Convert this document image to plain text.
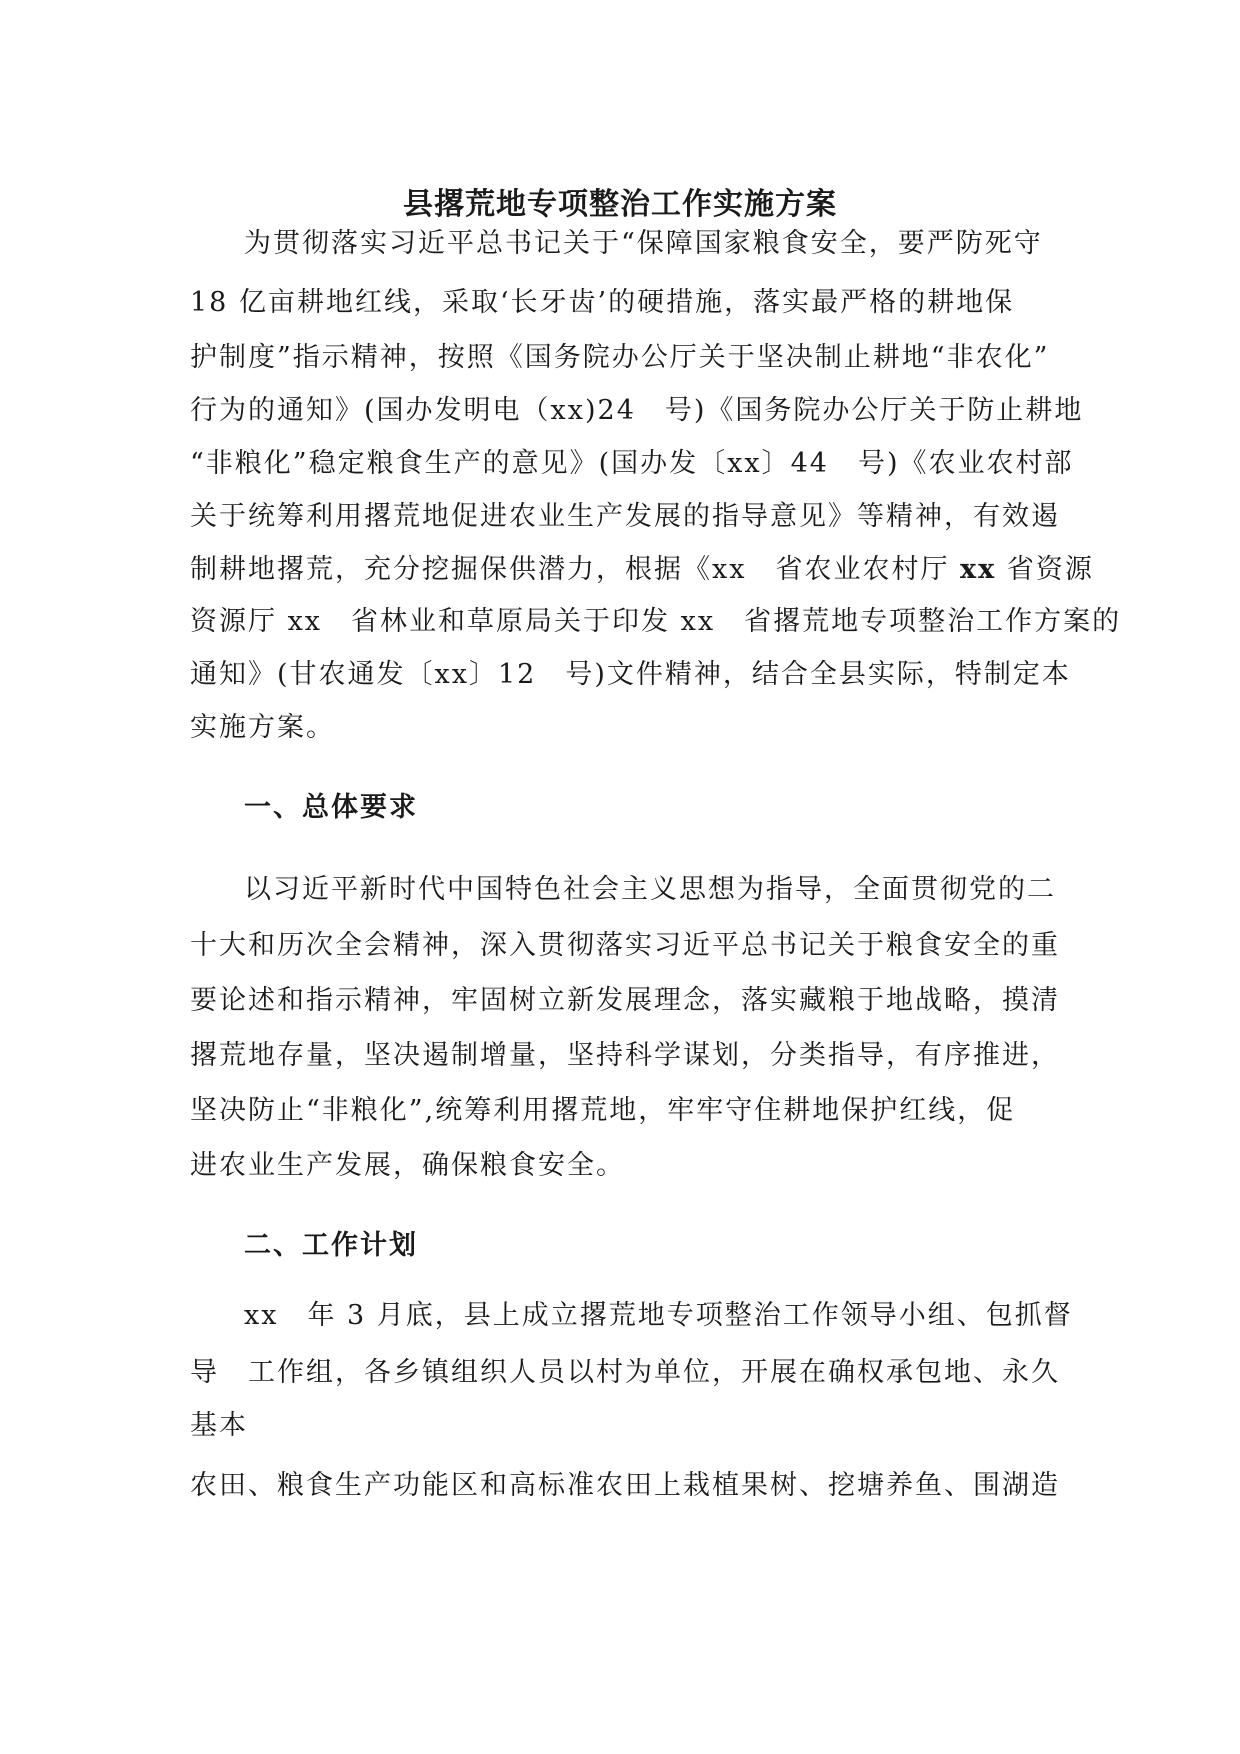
县撂荒地专项整治工作实施方案
为贯彻落实习近平总书记关于“保障国家粮食安全，要严防死守
18 亿亩耕地红线，采取‘长牙齿’的硬措施，落实最严格的耕地保
护制度”指示精神，按照《国务院办公厅关于坚决制止耕地“非农化”
行为的通知》(国办发明电（xx)24　号)《国务院办公厅关于防止耕地
“非粮化”稳定粮食生产的意见》(国办发〔xx〕44　号)《农业农村部
关于统筹利用撂荒地促进农业生产发展的指导意见》等精神，有效遏
制耕地撂荒，充分挖掘保供潜力，根据《xx　省农业农村厅 xx 省资源
资源厅 xx　省林业和草原局关于印发 xx　省撂荒地专项整治工作方案的
通知》(甘农通发〔xx〕12　号)文件精神，结合全县实际，特制定本
实施方案。
一、总体要求
以习近平新时代中国特色社会主义思想为指导，全面贯彻党的二
十大和历次全会精神，深入贯彻落实习近平总书记关于粮食安全的重
要论述和指示精神，牢固树立新发展理念，落实藏粮于地战略，摸清
撂荒地存量，坚决遏制增量，坚持科学谋划，分类指导，有序推进，
坚决防止“非粮化”,统筹利用撂荒地，牢牢守住耕地保护红线，促
进农业生产发展，确保粮食安全。
二、工作计划
xx　年 3 月底，县上成立撂荒地专项整治工作领导小组、包抓督
导　工作组，各乡镇组织人员以村为单位，开展在确权承包地、永久
基本
农田、粮食生产功能区和高标准农田上栽植果树、挖塘养鱼、围湖造
